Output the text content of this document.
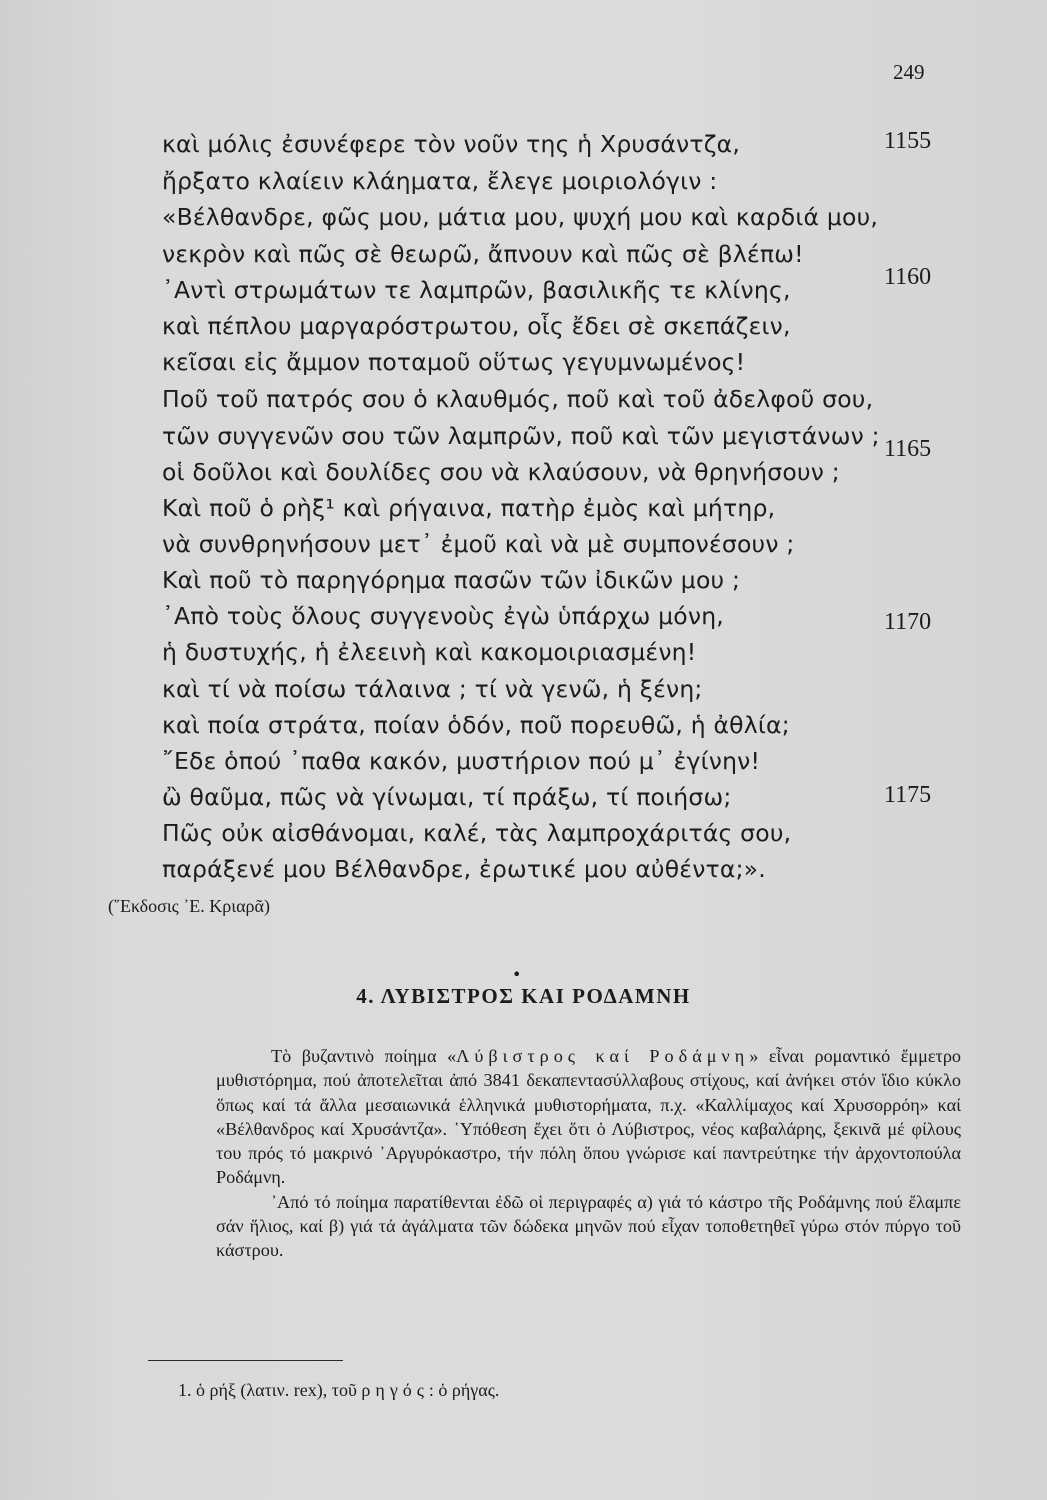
249
καὶ μόλις ἐσυνέφερε τὸν νοῦν της ἡ Χρυσάντζα,
ἤρξατο κλαίειν κλάηματα, ἔλεγε μοιριολόγιν :
«Βέλθανδρε, φῶς μου, μάτια μου, ψυχή μου καὶ καρδιά μου,
νεκρὸν καὶ πῶς σὲ θεωρῶ, ἄπνουν καὶ πῶς σὲ βλέπω!
᾿Αντὶ στρωμάτων τε λαμπρῶν, βασιλικῆς τε κλίνης,
καὶ πέπλου μαργαρόστρωτου, οἷς ἔδει σὲ σκεπάζειν,
κεῖσαι εἰς ἄμμον ποταμοῦ οὕτως γεγυμνωμένος!
Ποῦ τοῦ πατρός σου ὁ κλαυθμός, ποῦ καὶ τοῦ ἀδελφοῦ σου,
τῶν συγγενῶν σου τῶν λαμπρῶν, ποῦ καὶ τῶν μεγιστάνων ;
οἱ δοῦλοι καὶ δουλίδες σου νὰ κλαύσουν, νὰ θρηνήσουν ;
Καὶ ποῦ ὁ ρὴξ¹ καὶ ρήγαινα, πατὴρ ἐμὸς καὶ μήτηρ,
νὰ συνθρηνήσουν μετ᾿ ἐμοῦ καὶ νὰ μὲ συμπονέσουν ;
Καὶ ποῦ τὸ παρηγόρημα πασῶν τῶν ἰδικῶν μου ;
᾿Απὸ τοὺς ὅλους συγγενοὺς ἐγὼ ὑπάρχω μόνη,
ἡ δυστυχής, ἡ ἐλεεινὴ καὶ κακομοιριασμένη!
καὶ τί νὰ ποίσω τάλαινα ; τί νὰ γενῶ, ἡ ξένη;
καὶ ποία στράτα, ποίαν ὁδόν, ποῦ πορευθῶ, ἡ ἀθλία;
῎Εδε ὁπού ᾿παθα κακόν, μυστήριον πού μ᾿ ἐγίνην!
ὢ θαῦμα, πῶς νὰ γίνωμαι, τί πράξω, τί ποιήσω;
Πῶς οὐκ αἰσθάνομαι, καλέ, τὰς λαμπροχάριτάς σου,
παράξενέ μου Βέλθανδρε, ἐρωτικέ μου αὐθέντα;».
1155
1160
1165
1170
1175
(῞Εκδοσις ᾿Ε. Κριαρᾶ)
•
4. ΛΥΒΙΣΤΡΟΣ ΚΑΙ ΡΟΔΑΜΝΗ

Τὸ βυζαντινὸ ποίημα «Λύβιστρος καί Ροδάμνη» εἶναι ρομαντικό ἔμμετρο μυθιστόρημα, πού ἀποτελεῖται ἀπό 3841 δεκαπεντασύλλαβους στίχους, καί ἀνήκει στόν ἴδιο κύκλο ὅπως καί τά ἄλλα μεσαιωνικά ἑλληνικά μυθιστορήματα, π.χ. «Καλλίμαχος καί Χρυσορρόη» καί «Βέλθανδρος καί Χρυσάντζα». ῾Υπόθεση ἔχει ὅτι ὁ Λύβιστρος, νέος καβαλάρης, ξεκινᾶ μέ φίλους του πρός τό μακρινό ᾿Αργυρόκαστρο, τήν πόλη ὅπου γνώρισε καί παντρεύτηκε τήν ἀρχοντοπούλα Ροδάμνη.

᾿Από τό ποίημα παρατίθενται ἐδῶ οἱ περιγραφές α) γιά τό κάστρο τῆς Ροδάμνης πού ἔλαμπε σάν ἥλιος, καί β) γιά τά ἀγάλματα τῶν δώδεκα μηνῶν πού εἶχαν τοποθετηθεῖ γύρω στόν πύργο τοῦ κάστρου.

1. ὁ ρήξ (λατιν. rex), τοῦ ρηγός: ὁ ρήγας.
